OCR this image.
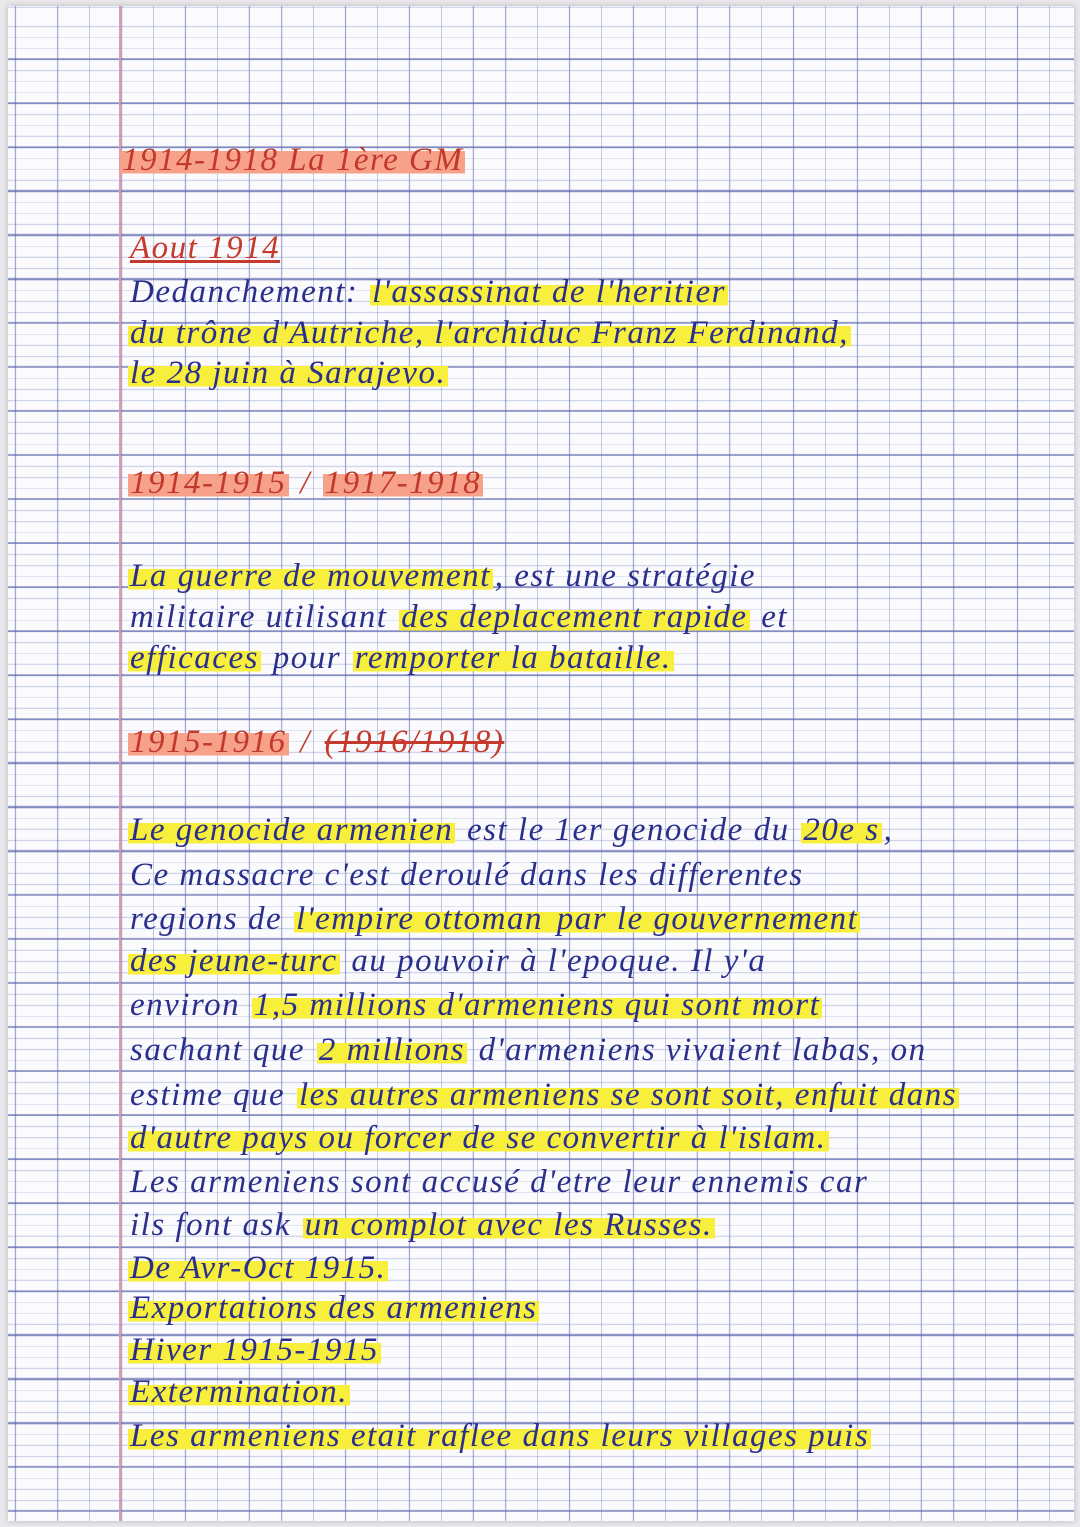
1914-1918 La 1ère GM
Aout 1914
Dedanchement: l'assassinat de l'heritier
du trône d'Autriche, l'archiduc Franz Ferdinand,
le 28 juin à Sarajevo.
1914-1915 / 1917-1918
La guerre de mouvement , est une stratégie
militaire utilisant des deplacement rapide et
efficaces pour remporter la bataille.
1915-1916 / (1916/1918)
Le genocide armenien est le 1er genocide du 20e s ,
Ce massacre c'est deroulé dans les differentes
regions de l'empire ottoman par le gouvernement
des jeune-turc au pouvoir à l'epoque. Il y'a
environ 1,5 millions d'armeniens qui sont mort
sachant que 2 millions d'armeniens vivaient labas, on
estime que les autres armeniens se sont soit, enfuit dans
d'autre pays ou forcer de se convertir à l'islam.
Les armeniens sont accusé d'etre leur ennemis car
ils font ask un complot avec les Russes.
De Avr-Oct 1915.
Exportations des armeniens
Hiver 1915-1915
Extermination.
Les armeniens etait raflee dans leurs villages puis
